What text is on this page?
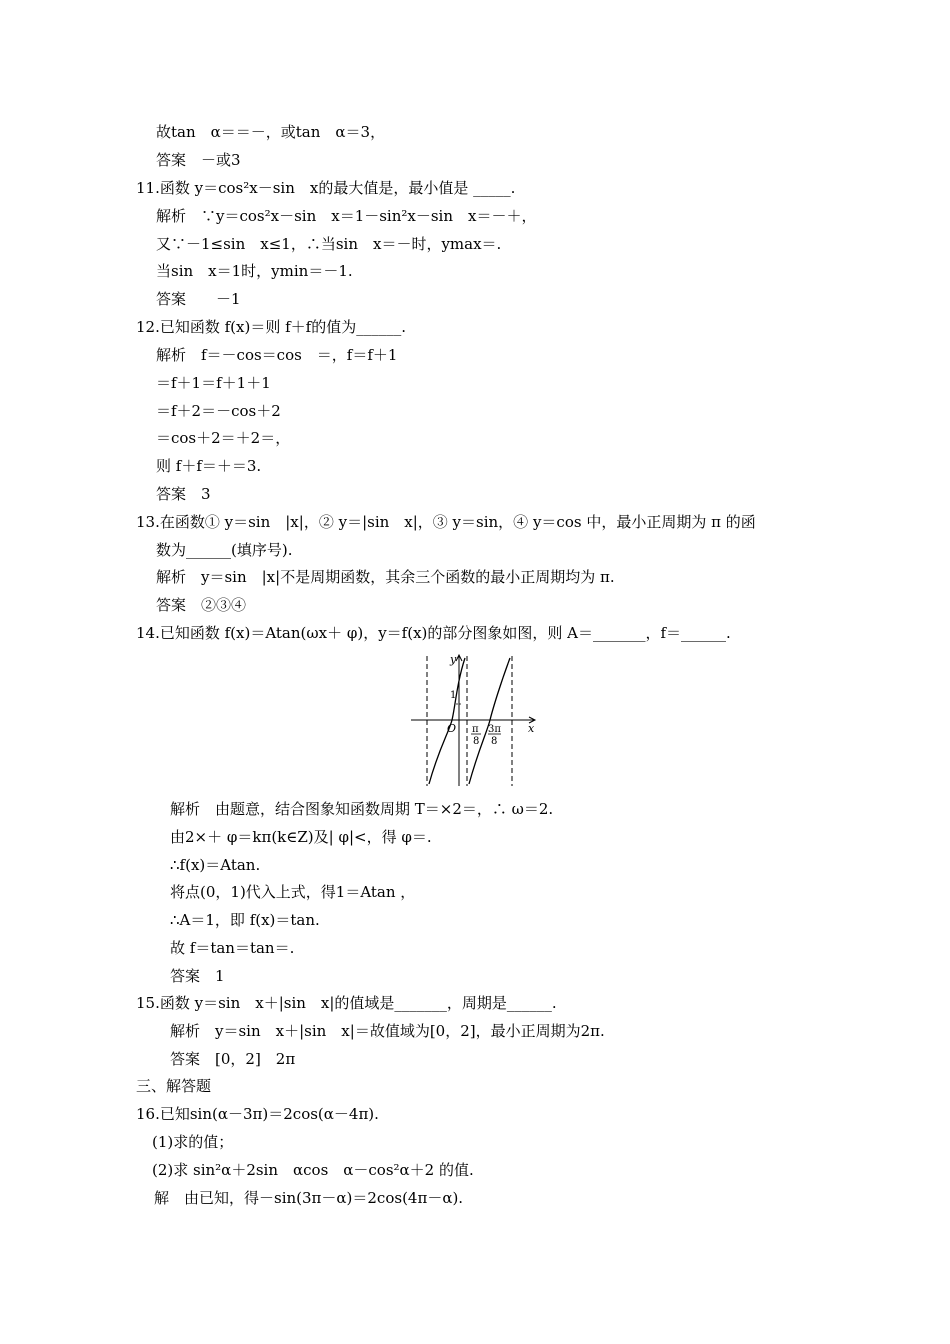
故tan　α＝＝－，或tan　α＝3，
答案　－或3
11.函数 y＝cos²x－sin　x的最大值是，最小值是 _____.
解析　∵y＝cos²x－sin　x＝1－sin²x－sin　x＝－＋，
又∵－1≤sin　x≤1，∴当sin　x＝－时，ymax＝.
当sin　x＝1时，ymin＝－1.
答案　　－1
12.已知函数 f(x)＝则 f＋f的值为______.
解析　f＝－cos＝cos　＝，f＝f＋1
＝f＋1＝f＋1＋1
＝f＋2＝－cos＋2
＝cos＋2＝＋2＝，
则 f＋f＝＋＝3.
答案　3
13.在函数① y＝sin　|x|，② y＝|sin　x|，③ y＝sin，④ y＝cos 中，最小正周期为 π 的函
数为______(填序号).
解析　y＝sin　|x|不是周期函数，其余三个函数的最小正周期均为 π.
答案　②③④
14.已知函数 f(x)＝Atan(ωx＋ φ)，y＝f(x)的部分图象如图，则 A＝_______，f＝______.
y
x
O
1
π
8
3π
8
解析　由题意，结合图象知函数周期 T＝×2＝，∴ ω＝2.
由2×＋ φ＝kπ(k∈Z)及| φ|<，得 φ＝.
∴f(x)＝Atan.
将点(0，1)代入上式，得1＝Atan ，
∴A＝1，即 f(x)＝tan.
故 f＝tan＝tan＝.
答案　1
15.函数 y＝sin　x＋|sin　x|的值域是_______，周期是______.
解析　y＝sin　x＋|sin　x|＝故值域为[0，2]，最小正周期为2π.
答案　[0，2]　2π
三、解答题
16.已知sin(α－3π)＝2cos(α－4π).
(1)求的值；
(2)求 sin²α＋2sin　αcos　α－cos²α＋2 的值.
解　由已知，得－sin(3π－α)＝2cos(4π－α).
